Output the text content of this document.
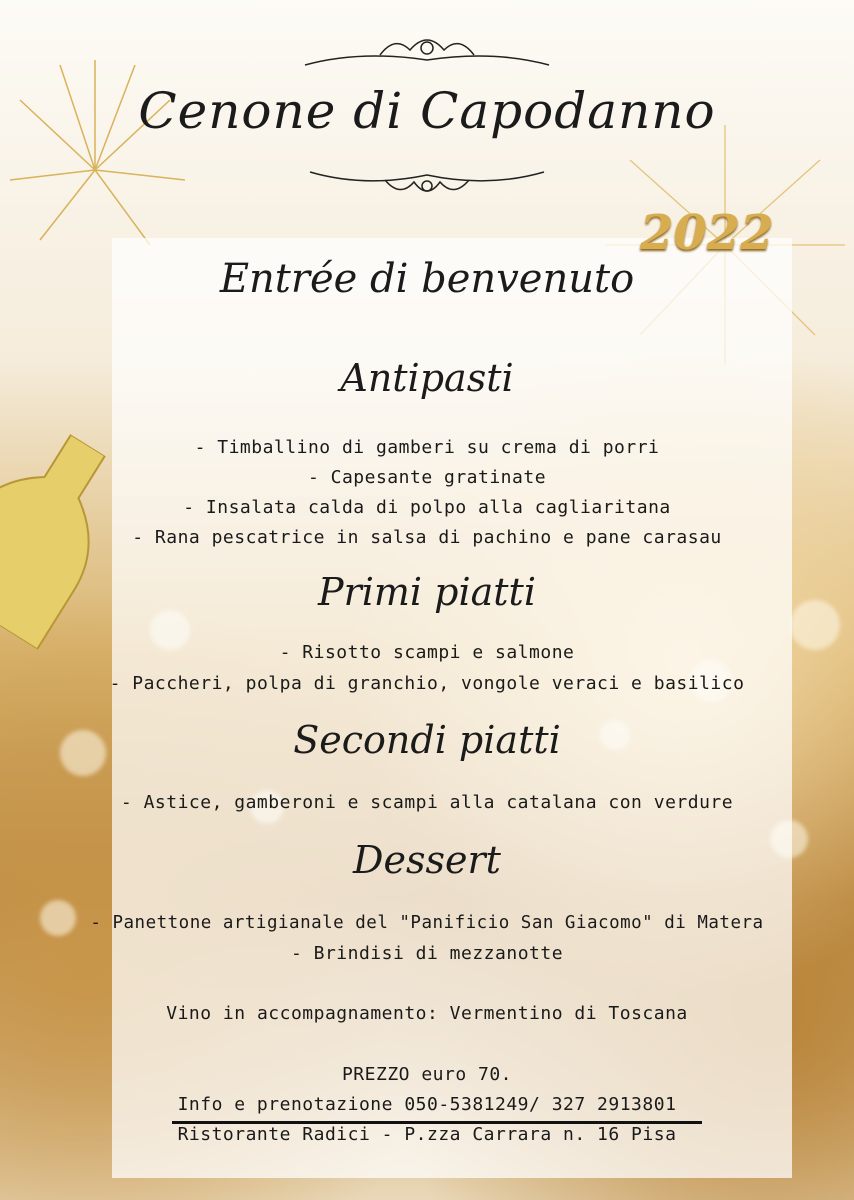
Cenone di Capodanno
2022
Entrée di benvenuto
Antipasti
- Timballino di gamberi su crema di porri
- Capesante gratinate
- Insalata calda di polpo alla cagliaritana
- Rana pescatrice in salsa di pachino e pane carasau
Primi piatti
- Risotto scampi e salmone
- Paccheri, polpa di granchio, vongole veraci e basilico
Secondi piatti
- Astice, gamberoni e scampi alla catalana con verdure
Dessert
- Panettone artigianale del "Panificio San Giacomo" di Matera
- Brindisi di mezzanotte
Vino in accompagnamento: Vermentino di Toscana
PREZZO euro 70.
Info e prenotazione 050-5381249/ 327 2913801
Ristorante Radici - P.zza Carrara n. 16 Pisa
